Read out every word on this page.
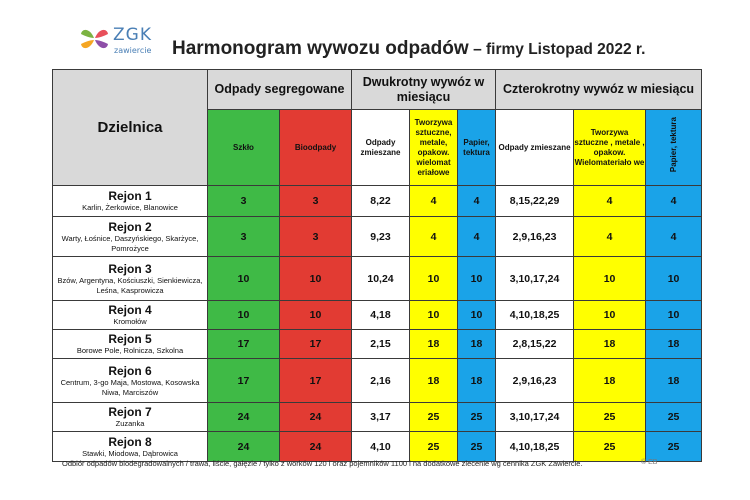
ZGK
zawiercie Harmonogram wywozu odpadów – firmy Listopad 2022 r.
Dzielnica	Odpady segregowane		Dwukrotny wywóz w miesiącu			Czterokrotny wywóz w miesiącu		
	Szkło	Bioodpady	Odpady zmieszane	Tworzywa sztuczne, metale, opakow. wielomat eriałowe	Papier, tektura	Odpady zmieszane	Tworzywa sztuczne , metale , opakow. Wielomateriało we	Papier, tektura

Rejon 1
Karlin, Żerkowice, Blanowice	3	3	8,22	4	4	8,15,22,29	4	4

Rejon 2
Warty, Łośnice, Daszyńskiego, Skarżyce, Pomrożyce	3	3	9,23	4	4	2,9,16,23	4	4

Rejon 3
Bzów, Argentyna, Kościuszki, Sienkiewicza, Leśna, Kasprowicza	10	10	10,24	10	10	3,10,17,24	10	10

Rejon 4
Kromołów	10	10	4,18	10	10	4,10,18,25	10	10

Rejon 5
Borowe Pole, Rolnicza, Szkolna	17	17	2,15	18	18	2,8,15,22	18	18

Rejon 6
Centrum, 3-go Maja, Mostowa, Kosowska Niwa, Marciszów	17	17	2,16	18	18	2,9,16,23	18	18

Rejon 7
Zuzanka	24	24	3,17	25	25	3,10,17,24	25	25

Rejon 8
Stawki, Miodowa, Dąbrowica	24	24	4,10	25	25	4,10,18,25	25	25
Odbiór odpadów biodegradowalnych / trawa, liście, gałęzie / tylko z worków 120 l oraz pojemników 1100 l na dodatkowe zlecenie wg cennika ZGK Zawiercie.	© EB
